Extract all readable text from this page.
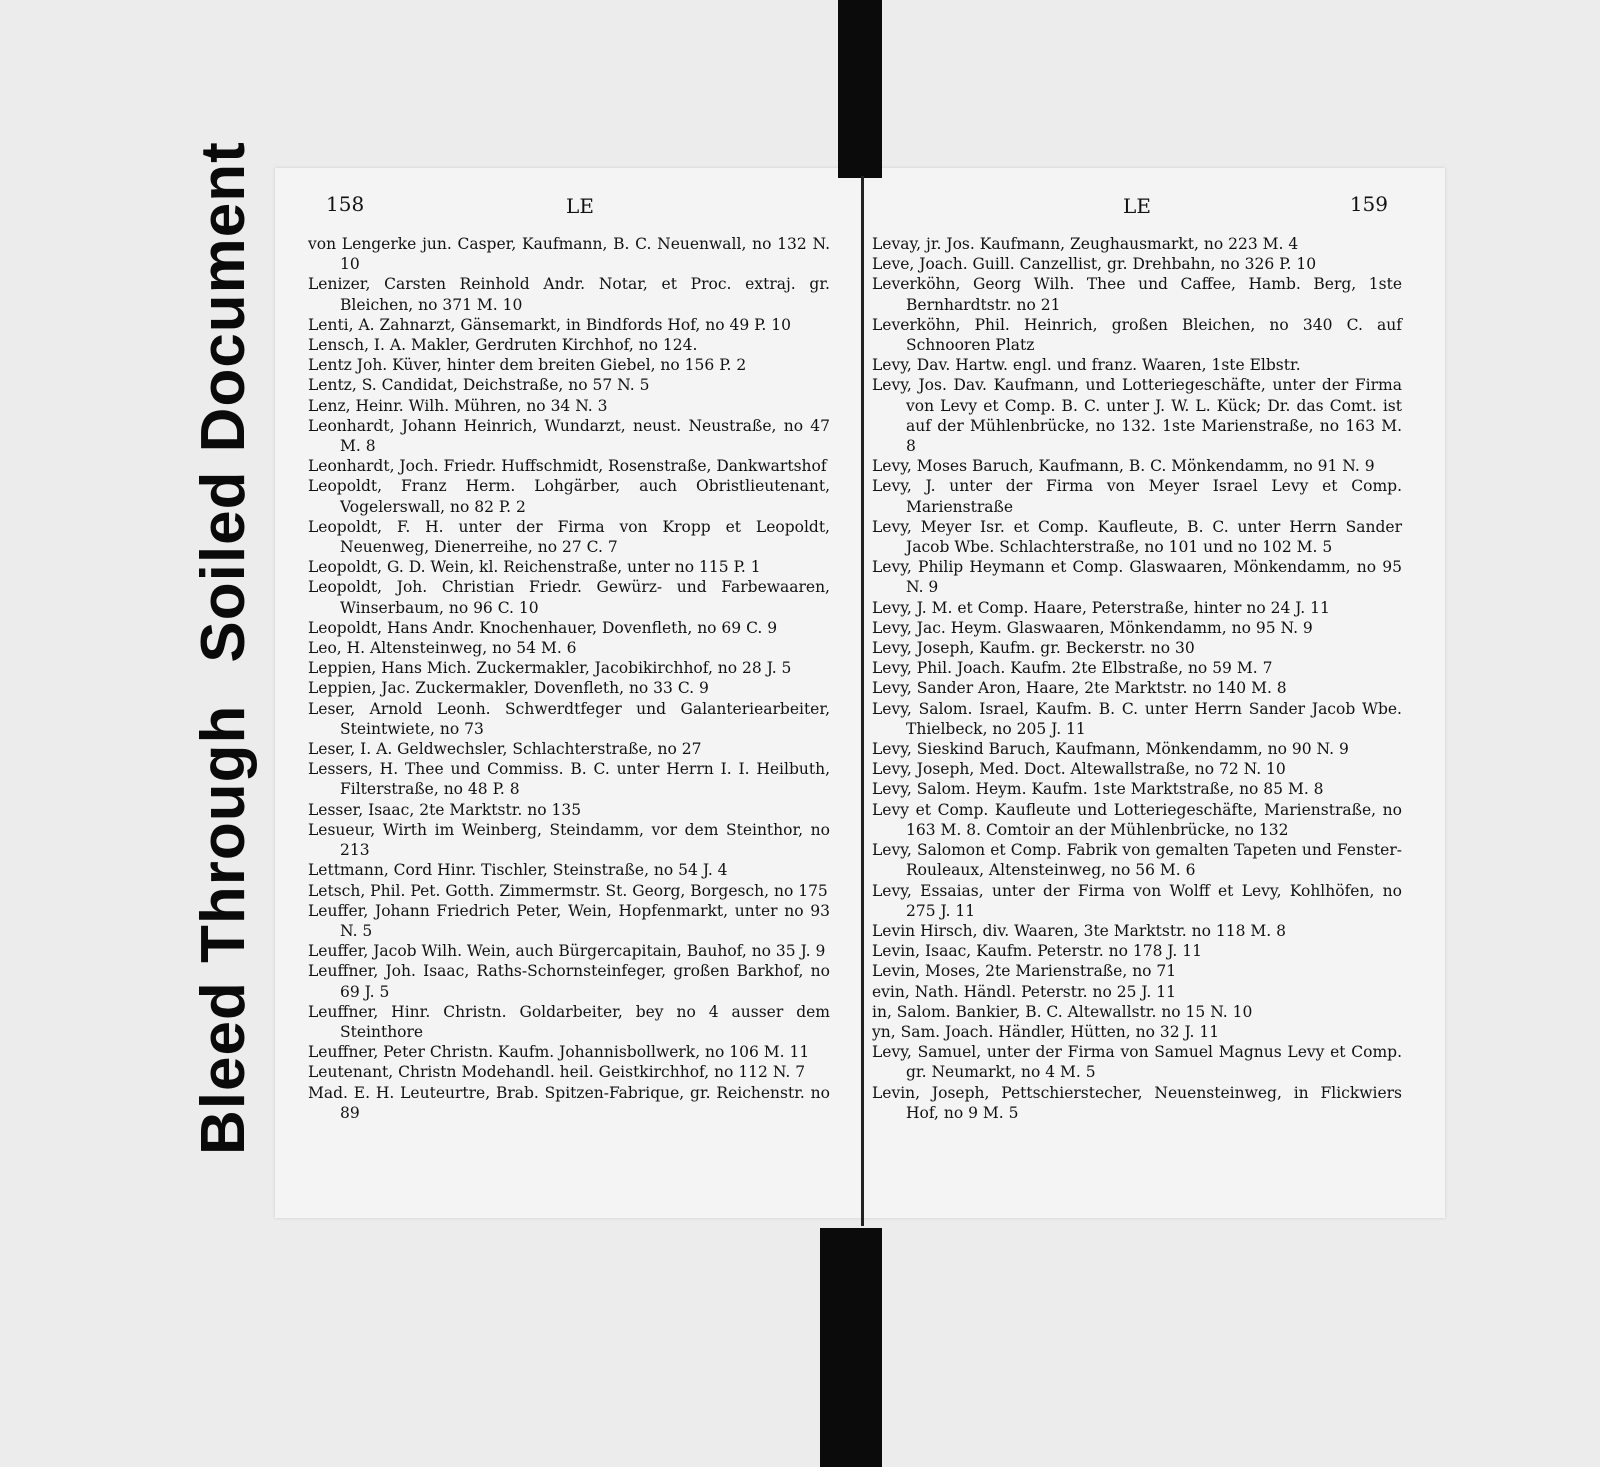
Bleed ThroughSoiled Document	158	LE
von Lengerke jun. Casper, Kaufmann, B. C. Neuenwall, no 132 N. 10
Lenizer, Carsten Reinhold Andr. Notar, et Proc. extraj. gr. Bleichen, no 371 M. 10
Lenti, A. Zahnarzt, Gänsemarkt, in Bindfords Hof, no 49 P. 10
Lensch, I. A. Makler, Gerdruten Kirchhof, no 124.
Lentz Joh. Küver, hinter dem breiten Giebel, no 156 P. 2
Lentz, S. Candidat, Deichstraße, no 57 N. 5
Lenz, Heinr. Wilh. Mühren, no 34 N. 3
Leonhardt, Johann Heinrich, Wundarzt, neust. Neustraße, no 47 M. 8
Leonhardt, Joch. Friedr. Huffschmidt, Rosenstraße, Dankwartshof
Leopoldt, Franz Herm. Lohgärber, auch Obristlieutenant, Vogelerswall, no 82 P. 2
Leopoldt, F. H. unter der Firma von Kropp et Leopoldt, Neuenweg, Dienerreihe, no 27 C. 7
Leopoldt, G. D. Wein, kl. Reichenstraße, unter no 115 P. 1
Leopoldt, Joh. Christian Friedr. Gewürz- und Farbewaaren, Winserbaum, no 96 C. 10
Leopoldt, Hans Andr. Knochenhauer, Dovenfleth, no 69 C. 9
Leo, H. Altensteinweg, no 54 M. 6
Leppien, Hans Mich. Zuckermakler, Jacobikirchhof, no 28 J. 5
Leppien, Jac. Zuckermakler, Dovenfleth, no 33 C. 9
Leser, Arnold Leonh. Schwerdtfeger und Galanteriearbeiter, Steintwiete, no 73
Leser, I. A. Geldwechsler, Schlachterstraße, no 27
Lessers, H. Thee und Commiss. B. C. unter Herrn I. I. Heilbuth, Filterstraße, no 48 P. 8
Lesser, Isaac, 2te Marktstr. no 135
Lesueur, Wirth im Weinberg, Steindamm, vor dem Steinthor, no 213
Lettmann, Cord Hinr. Tischler, Steinstraße, no 54 J. 4
Letsch, Phil. Pet. Gotth. Zimmermstr. St. Georg, Borgesch, no 175
Leuffer, Johann Friedrich Peter, Wein, Hopfenmarkt, unter no 93 N. 5
Leuffer, Jacob Wilh. Wein, auch Bürgercapitain, Bauhof, no 35 J. 9
Leuffner, Joh. Isaac, Raths-Schornsteinfeger, großen Barkhof, no 69 J. 5
Leuffner, Hinr. Christn. Goldarbeiter, bey no 4 ausser dem Steinthore
Leuffner, Peter Christn. Kaufm. Johannisbollwerk, no 106 M. 11
Leutenant, Christn Modehandl. heil. Geistkirchhof, no 112 N. 7
Mad. E. H. Leuteurtre, Brab. Spitzen-Fabrique, gr. Reichenstr. no 89
LE	159
Levay, jr. Jos. Kaufmann, Zeughausmarkt, no 223 M. 4
Leve, Joach. Guill. Canzellist, gr. Drehbahn, no 326 P. 10
Leverköhn, Georg Wilh. Thee und Caffee, Hamb. Berg, 1ste Bernhardtstr. no 21
Leverköhn, Phil. Heinrich, großen Bleichen, no 340 C. auf Schnooren Platz
Levy, Dav. Hartw. engl. und franz. Waaren, 1ste Elbstr.
Levy, Jos. Dav. Kaufmann, und Lotteriegeschäfte, unter der Firma von Levy et Comp. B. C. unter J. W. L. Kück; Dr. das Comt. ist auf der Mühlenbrücke, no 132. 1ste Marienstraße, no 163 M. 8
Levy, Moses Baruch, Kaufmann, B. C. Mönkendamm, no 91 N. 9
Levy, J. unter der Firma von Meyer Israel Levy et Comp. Marienstraße
Levy, Meyer Isr. et Comp. Kaufleute, B. C. unter Herrn Sander Jacob Wbe. Schlachterstraße, no 101 und no 102 M. 5
Levy, Philip Heymann et Comp. Glaswaaren, Mönkendamm, no 95 N. 9
Levy, J. M. et Comp. Haare, Peterstraße, hinter no 24 J. 11
Levy, Jac. Heym. Glaswaaren, Mönkendamm, no 95 N. 9
Levy, Joseph, Kaufm. gr. Beckerstr. no 30
Levy, Phil. Joach. Kaufm. 2te Elbstraße, no 59 M. 7
Levy, Sander Aron, Haare, 2te Marktstr. no 140 M. 8
Levy, Salom. Israel, Kaufm. B. C. unter Herrn Sander Jacob Wbe. Thielbeck, no 205 J. 11
Levy, Sieskind Baruch, Kaufmann, Mönkendamm, no 90 N. 9
Levy, Joseph, Med. Doct. Altewallstraße, no 72 N. 10
Levy, Salom. Heym. Kaufm. 1ste Marktstraße, no 85 M. 8
Levy et Comp. Kaufleute und Lotteriegeschäfte, Marienstraße, no 163 M. 8. Comtoir an der Mühlenbrücke, no 132
Levy, Salomon et Comp. Fabrik von gemalten Tapeten und Fenster-Rouleaux, Altensteinweg, no 56 M. 6
Levy, Essaias, unter der Firma von Wolff et Levy, Kohlhöfen, no 275 J. 11
Levin Hirsch, div. Waaren, 3te Marktstr. no 118 M. 8
Levin, Isaac, Kaufm. Peterstr. no 178 J. 11
Levin, Moses, 2te Marienstraße, no 71
evin, Nath. Händl. Peterstr. no 25 J. 11
in, Salom. Bankier, B. C. Altewallstr. no 15 N. 10
yn, Sam. Joach. Händler, Hütten, no 32 J. 11
Levy, Samuel, unter der Firma von Samuel Magnus Levy et Comp. gr. Neumarkt, no 4 M. 5
Levin, Joseph, Pettschierstecher, Neuensteinweg, in Flickwiers Hof, no 9 M. 5
